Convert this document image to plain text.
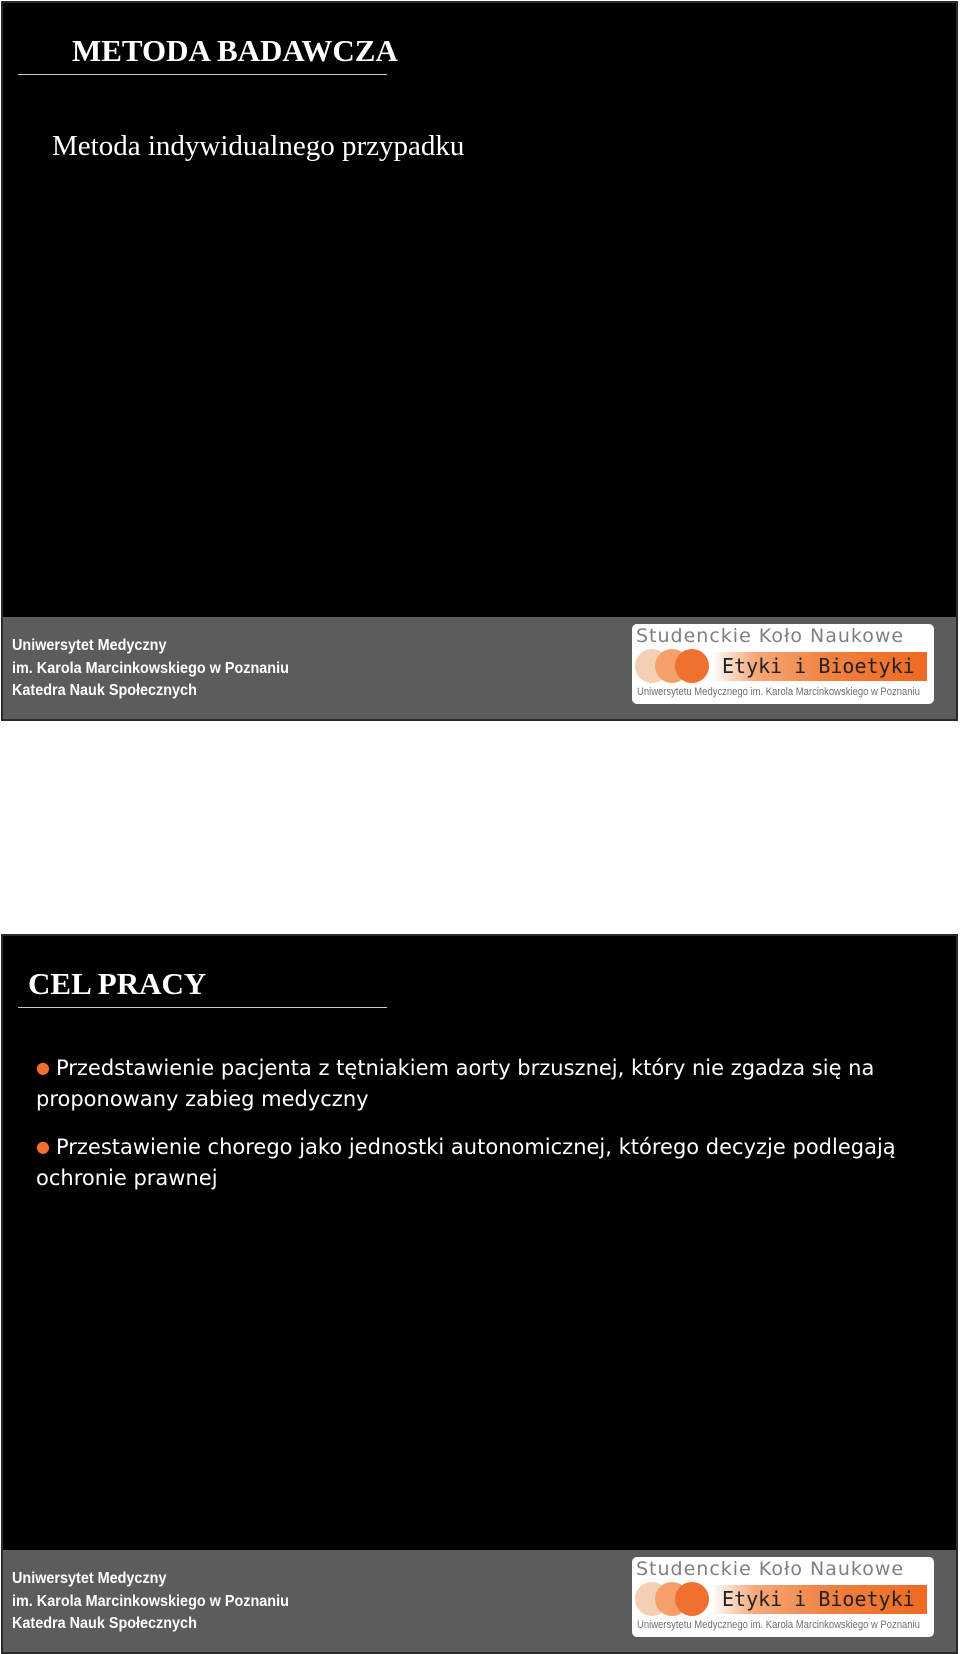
METODA BADAWCZA
Metoda indywidualnego przypadku
Uniwersytet Medyczny
im. Karola Marcinkowskiego w Poznaniu
Katedra Nauk Społecznych
Studenckie Koło Naukowe
Etyki i Bioetyki
Uniwersytetu Medycznego im. Karola Marcinkowskiego w Poznaniu
CEL PRACY
● Przedstawienie pacjenta z tętniakiem aorty brzusznej, który nie zgadza się na proponowany zabieg medyczny
● Przestawienie chorego jako jednostki autonomicznej, którego decyzje podlegają ochronie prawnej
Uniwersytet Medyczny
im. Karola Marcinkowskiego w Poznaniu
Katedra Nauk Społecznych
Studenckie Koło Naukowe
Etyki i Bioetyki
Uniwersytetu Medycznego im. Karola Marcinkowskiego w Poznaniu
